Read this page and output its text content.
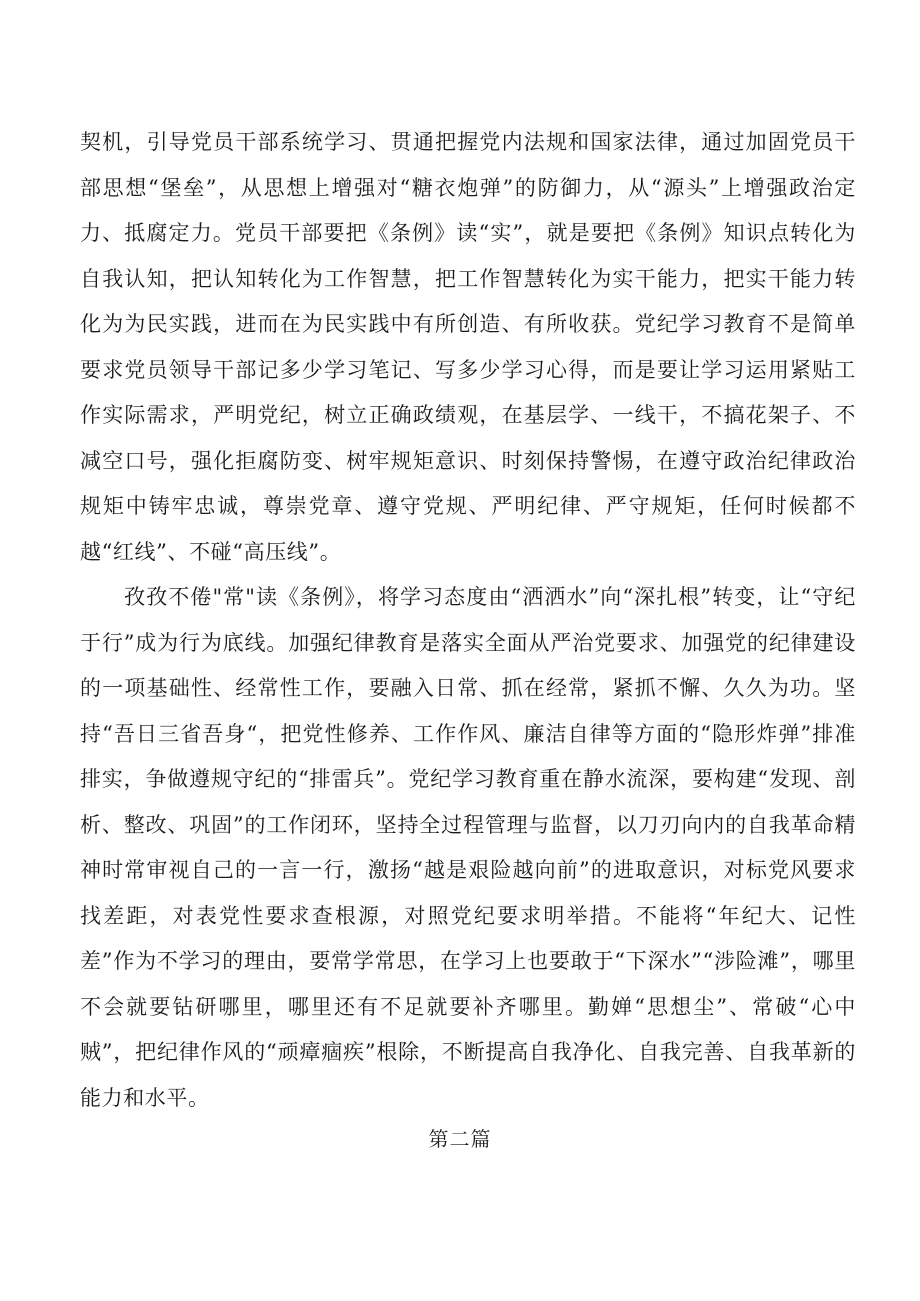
契机，引导党员干部系统学习、贯通把握党内法规和国家法律，通过加固党员干部思想“堡垒”，从思想上增强对“糖衣炮弹”的防御力，从“源头”上增强政治定力、抵腐定力。党员干部要把《条例》读“实”，就是要把《条例》知识点转化为自我认知，把认知转化为工作智慧，把工作智慧转化为实干能力，把实干能力转化为为民实践，进而在为民实践中有所创造、有所收获。党纪学习教育不是简单要求党员领导干部记多少学习笔记、写多少学习心得，而是要让学习运用紧贴工作实际需求，严明党纪，树立正确政绩观，在基层学、一线干，不搞花架子、不减空口号，强化拒腐防变、树牢规矩意识、时刻保持警惕，在遵守政治纪律政治规矩中铸牢忠诚，尊崇党章、遵守党规、严明纪律、严守规矩，任何时候都不越“红线”、不碰“高压线”。

　　孜孜不倦"常"读《条例》，将学习态度由“洒洒水”向“深扎根”转变，让“守纪于行”成为行为底线。加强纪律教育是落实全面从严治党要求、加强党的纪律建设的一项基础性、经常性工作，要融入日常、抓在经常，紧抓不懈、久久为功。坚持“吾日三省吾身“，把党性修养、工作作风、廉洁自律等方面的“隐形炸弹”排准排实，争做遵规守纪的“排雷兵”。党纪学习教育重在静水流深，要构建“发现、剖析、整改、巩固”的工作闭环，坚持全过程管理与监督，以刀刃向内的自我革命精神时常审视自己的一言一行，激扬“越是艰险越向前”的进取意识，对标党风要求找差距，对表党性要求查根源，对照党纪要求明举措。不能将“年纪大、记性差”作为不学习的理由，要常学常思，在学习上也要敢于“下深水”“涉险滩”，哪里不会就要钻研哪里，哪里还有不足就要补齐哪里。勤婵“思想尘”、常破“心中贼”，把纪律作风的“顽瘴痼疾”根除，不断提高自我净化、自我完善、自我革新的能力和水平。

第二篇
